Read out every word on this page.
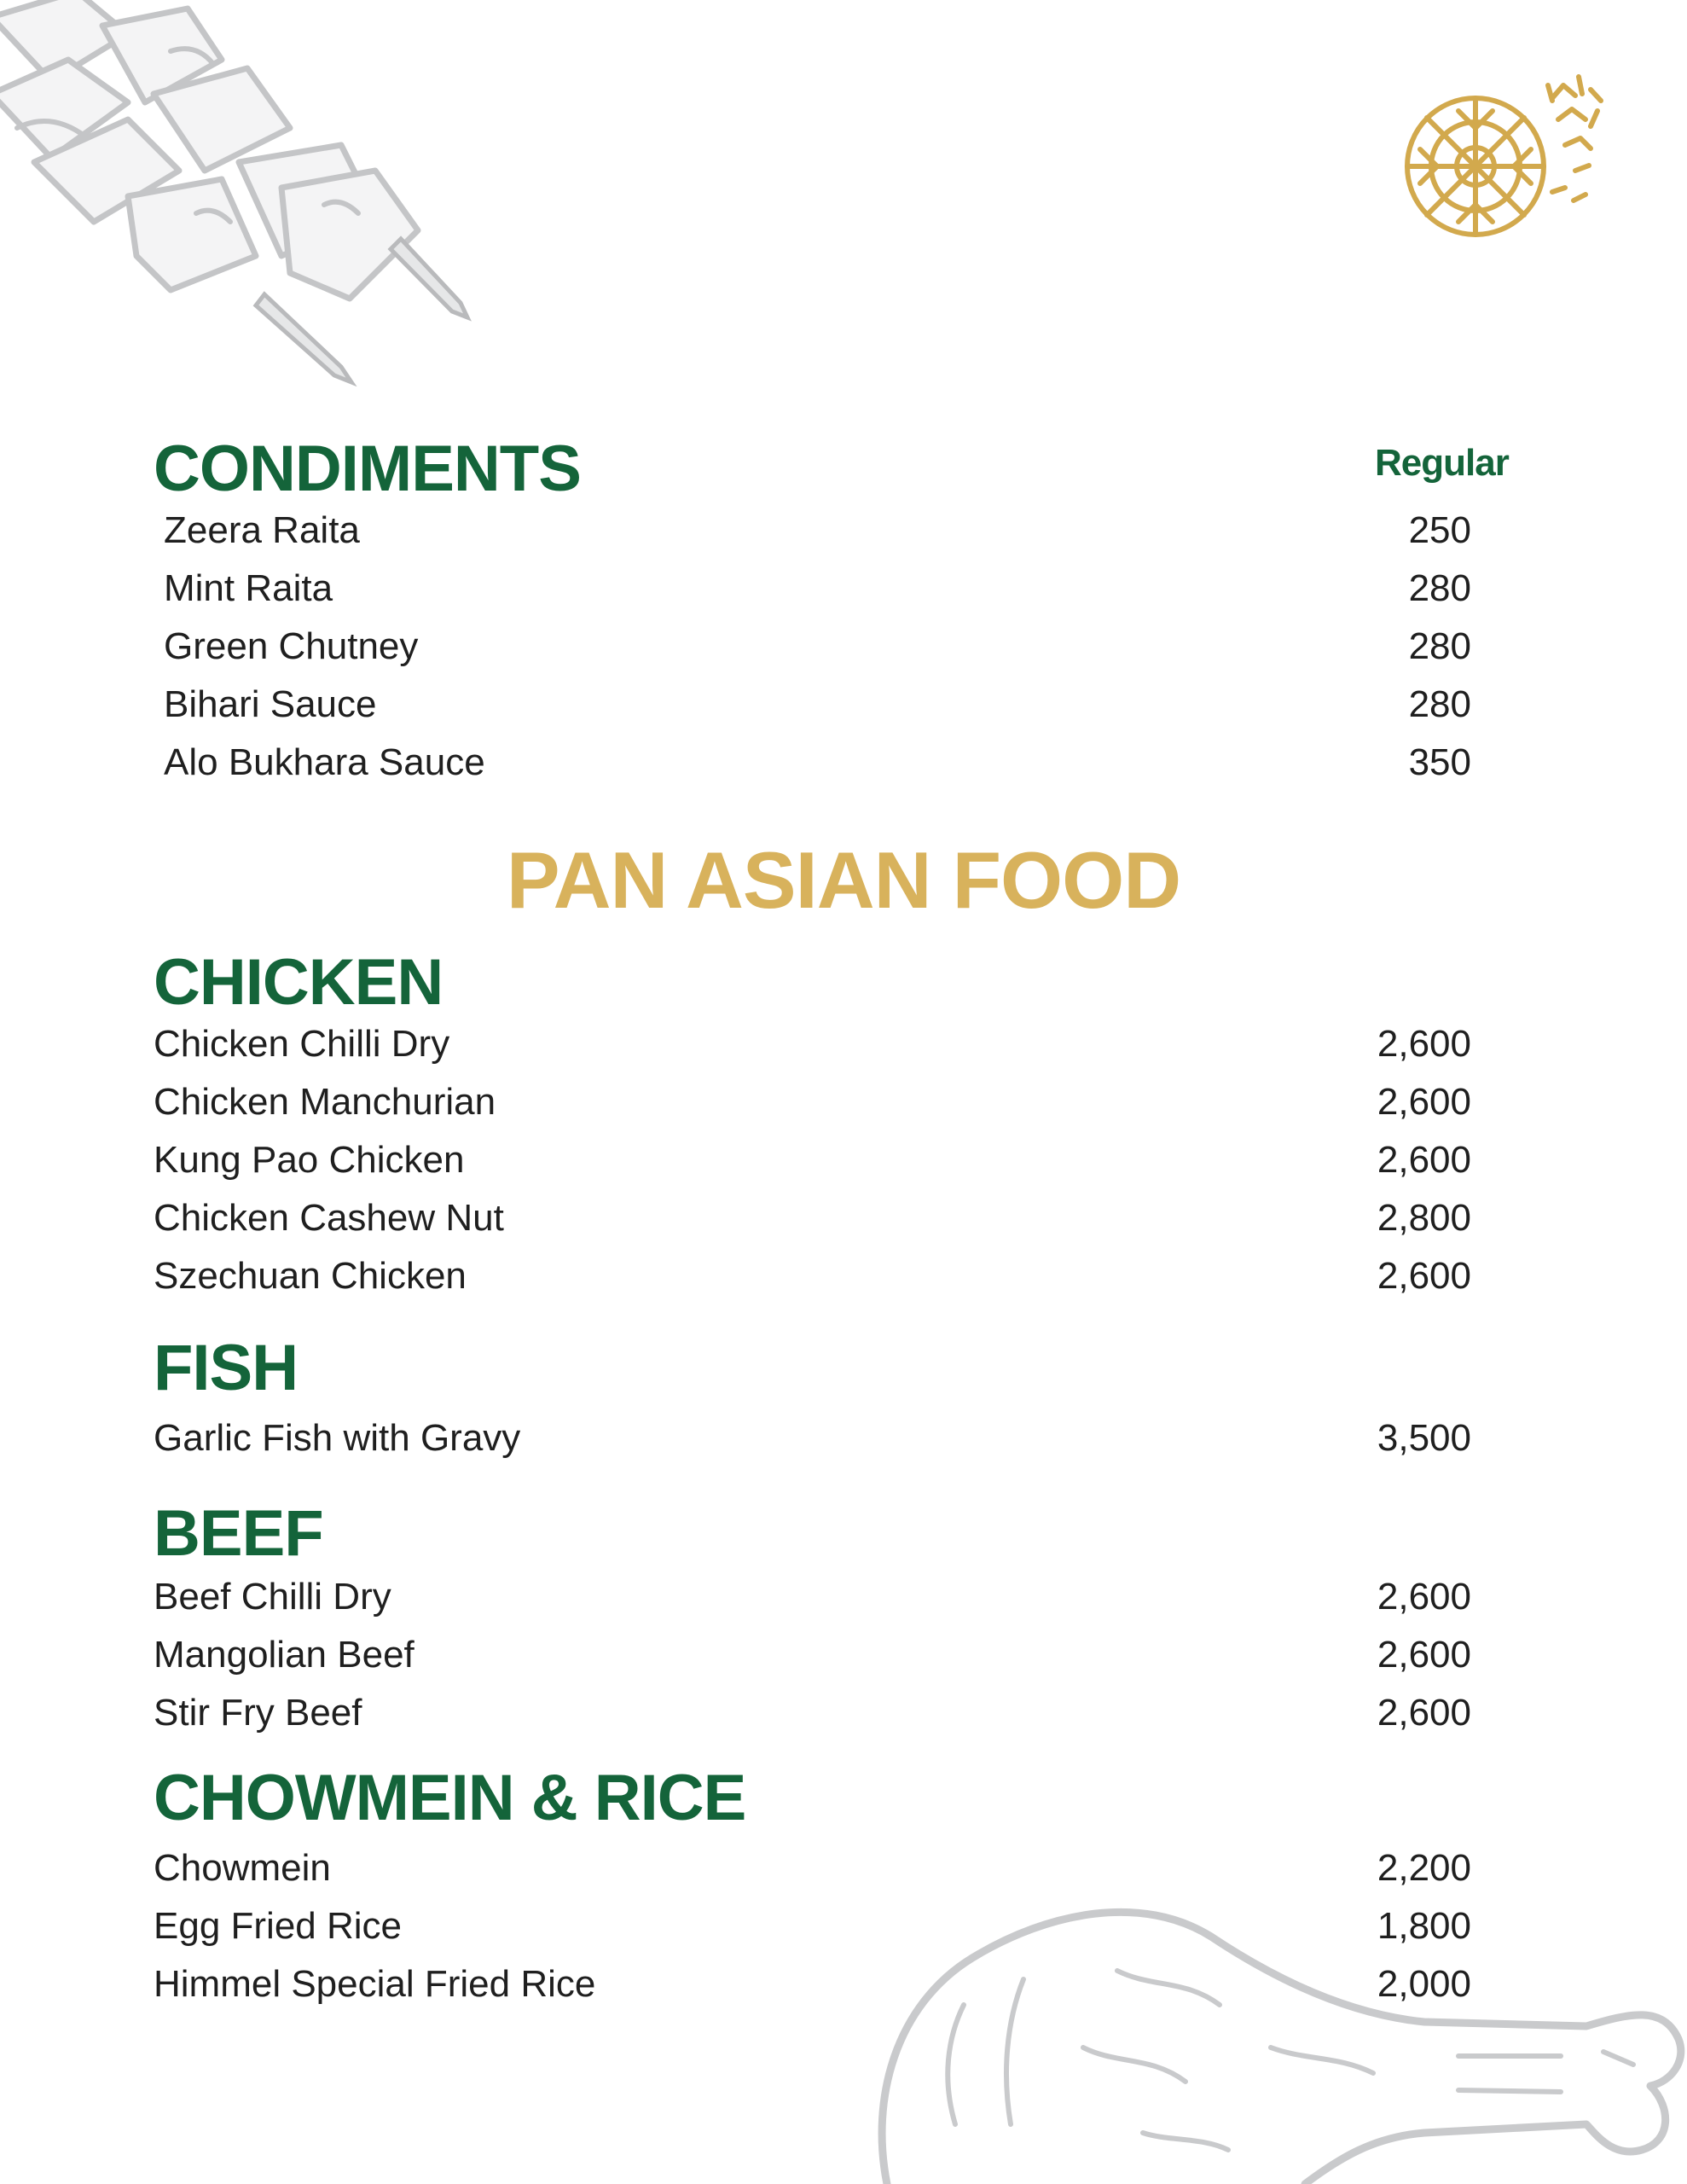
CONDIMENTS	Regular
Zeera Raita	250
Mint Raita	280
Green Chutney	280
Bihari Sauce	280
Alo Bukhara Sauce	350
PAN ASIAN FOOD
CHICKEN
Chicken Chilli Dry	2,600
Chicken Manchurian	2,600
Kung Pao Chicken	2,600
Chicken Cashew Nut	2,800
Szechuan Chicken	2,600
FISH
Garlic Fish with Gravy	3,500
BEEF
Beef Chilli Dry	2,600
Mangolian Beef	2,600
Stir Fry Beef	2,600
CHOWMEIN & RICE
Chowmein	2,200
Egg Fried Rice	1,800
Himmel Special Fried Rice	2,000
